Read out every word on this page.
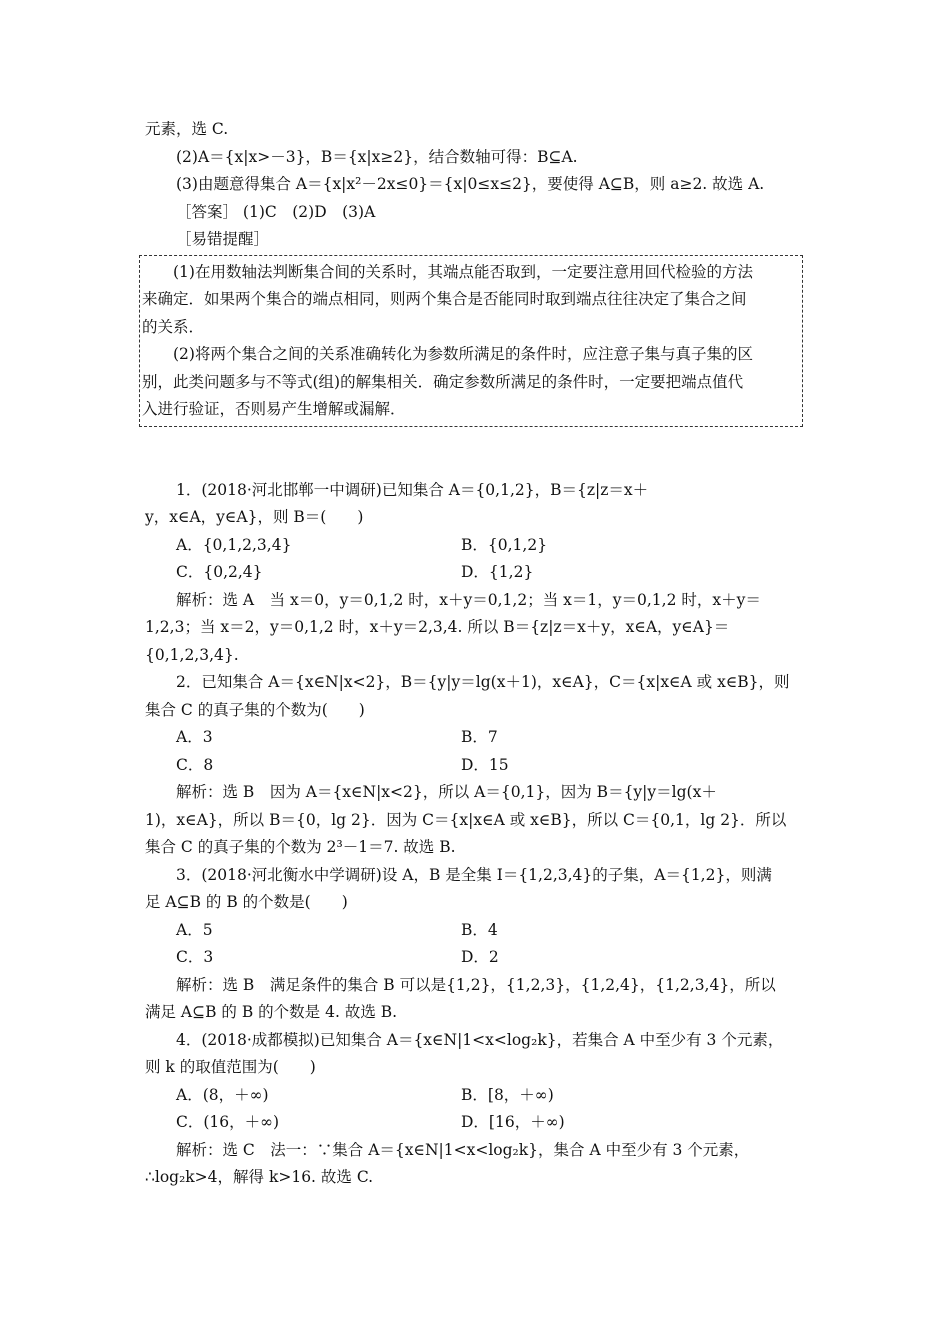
元素，选 C.
(2)A＝{x|x>－3}，B＝{x|x≥2}，结合数轴可得：B⊆A.
(3)由题意得集合 A＝{x|x²－2x≤0}＝{x|0≤x≤2}，要使得 A⊆B，则 a≥2. 故选 A.
［答案］ (1)C　(2)D　(3)A
［易错提醒］
(1)在用数轴法判断集合间的关系时，其端点能否取到，一定要注意用回代检验的方法
来确定．如果两个集合的端点相同，则两个集合是否能同时取到端点往往决定了集合之间
的关系．
(2)将两个集合之间的关系准确转化为参数所满足的条件时，应注意子集与真子集的区
别，此类问题多与不等式(组)的解集相关．确定参数所满足的条件时，一定要把端点值代
入进行验证，否则易产生增解或漏解．
1．(2018·河北邯郸一中调研)已知集合 A＝{0,1,2}，B＝{z|z＝x＋
y，x∈A，y∈A}，则 B＝(　　)
A．{0,1,2,3,4}	B．{0,1,2}
C．{0,2,4}	D．{1,2}
解析：选 A　当 x＝0，y＝0,1,2 时，x＋y＝0,1,2；当 x＝1，y＝0,1,2 时，x＋y＝
1,2,3；当 x＝2，y＝0,1,2 时，x＋y＝2,3,4. 所以 B＝{z|z＝x＋y，x∈A，y∈A}＝
{0,1,2,3,4}.
2．已知集合 A＝{x∈N|x<2}，B＝{y|y＝lg(x＋1)，x∈A}，C＝{x|x∈A 或 x∈B}，则
集合 C 的真子集的个数为(　　)
A．3	B．7
C．8	D．15
解析：选 B　因为 A＝{x∈N|x<2}，所以 A＝{0,1}，因为 B＝{y|y＝lg(x＋
1)，x∈A}，所以 B＝{0，lg 2}．因为 C＝{x|x∈A 或 x∈B}，所以 C＝{0,1，lg 2}．所以
集合 C 的真子集的个数为 2³－1＝7. 故选 B.
3．(2018·河北衡水中学调研)设 A，B 是全集 I＝{1,2,3,4}的子集，A＝{1,2}，则满
足 A⊆B 的 B 的个数是(　　)
A．5	B．4
C．3	D．2
解析：选 B　满足条件的集合 B 可以是{1,2}，{1,2,3}，{1,2,4}，{1,2,3,4}，所以
满足 A⊆B 的 B 的个数是 4. 故选 B.
4．(2018·成都模拟)已知集合 A＝{x∈N|1<x<log₂k}，若集合 A 中至少有 3 个元素，
则 k 的取值范围为(　　)
A．(8，＋∞)	B．[8，＋∞)
C．(16，＋∞)	D．[16，＋∞)
解析：选 C　法一：∵集合 A＝{x∈N|1<x<log₂k}，集合 A 中至少有 3 个元素，
∴log₂k>4，解得 k>16. 故选 C.
